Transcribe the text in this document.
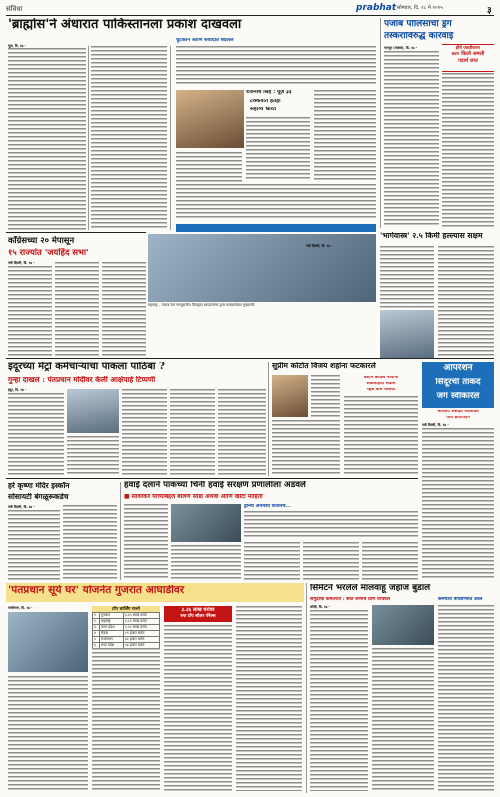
संविधा	prabhat सोमवार, दि. १८ मे २०२५	३
'ब्राह्मोस'ने अंधारात पाकिस्तानला प्रकाश दाखवला
चुटकीने आणि संवादात बदलले
यूज़, दि. १७ -
राजनाथ सिंह : यूज़ ३३
टक्कयात हेतंही
सहाय्य भ्रारत
पंजाब पोलिसांची ड्रग
तस्करांविरुद्ध कारवाई
नागपुर (पंजाब), दि. १७ -	हीरो एकत्रीकरण
७४० किलो अमली
पदार्थ जप्त
महाराष्ट्र – पंजाब येथे नागपुरातील जिल्ह्यात सापडलेल्या ड्रग्स साठ्यासोबत मुख्यमंत्री
काँग्रेसच्या २० मेपासून
१५ राज्यांत 'जयहिंद सभा'
नवी दिल्ली, दि. १७ -
'भार्गवास्त्र' २.५ किमी हल्ल्यास सक्षम
नवी दिल्ली, दि. १७ -
इंदूरच्या मेट्रो कर्मचाऱ्यांचा पाकला पाठिंबा ?
गुन्हा दाखल : पंतप्रधान मोदींवर केली आक्षेपार्ह टिप्पणी
इंदूर, दि. १७ -
सुप्रीम कोर्टात विजय शहांना फटकारले
वंशाने काँग्रेस नेत्यांना
सवालाईची सवाल
रद्दस केस चालवा
ऑपरेशन
सिंदूरची ताकद
जग स्वीकारेल
भारतीय संसदेत जयशंकर
यांचे प्रतिपादन
नवी दिल्ली, दि. १७ -
हरे कृष्णा मंदिर इस्कॉन
सोसायटी बंगळूरूकडेच
नवी दिल्ली, दि. १७ -
हवाई दलाने पाकच्या चिनी हवाई संरक्षण प्रणालीला अडवले
■ सावरकर यांच्याबद्दल बोलणे सोडा अथवा आणि खोटी माहिती
ड्रोनचे अपयशी योजनेचे...
'पंतप्रधान सूर्य घर' योजनेत गुजरात आघाडीवर
गांधीनगर, दि. १७ -	टॉप चार्जिंग राज्ये
१	गुजरात	३.३५ लाख घरांत
२	महाराष्ट्र	१.८१ लाख घरांत
३	उत्तर प्रदेश	१.२२ लाख घरांत
४	केरळ	८९ हजार घरांत
५	राजस्थान	६२ हजार घरांत
६	मध्य प्रदेश	५४ हजार घरांत
३.३६ लाख घरांवर
रुफ टॉप सोलर पॅनेल्स
सिमेंटने भरलेले मालवाहू जहाज बुडाले
समुद्राची कमतरता : सात जणांचे प्राण वाचवले	कर्मचारी वाचवण्यात आले
कोची, दि. १७ -
